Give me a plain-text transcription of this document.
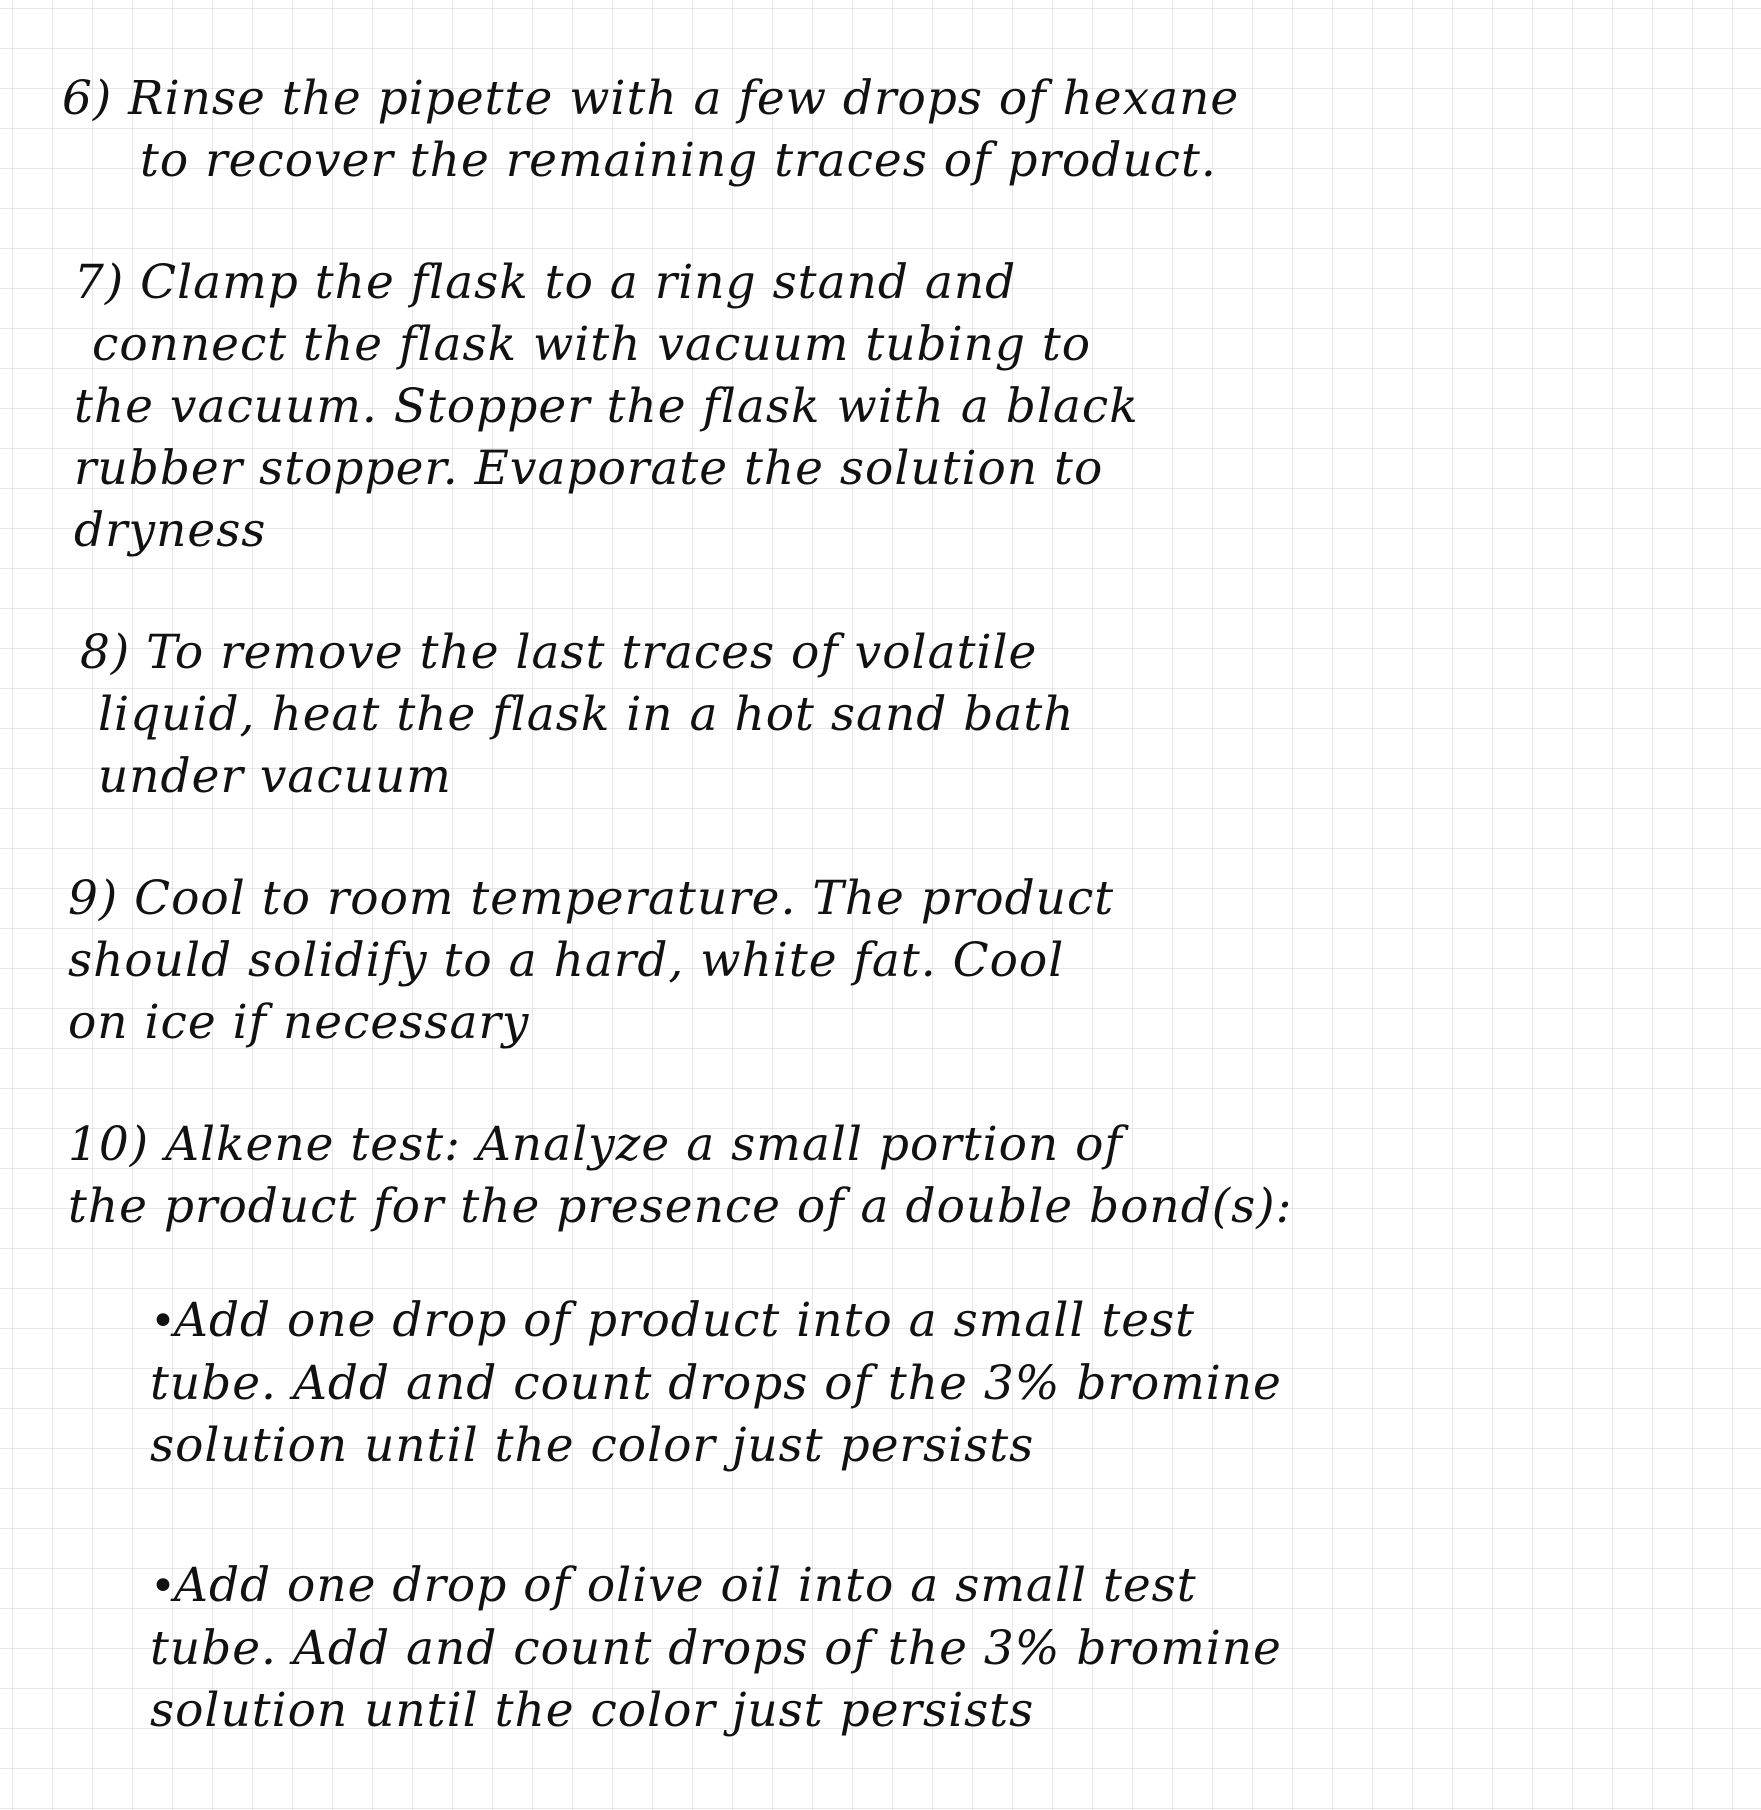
6) Rinse the pipette with a few drops of hexane
to recover the remaining traces of product.
7) Clamp the flask to a ring stand and
connect the flask with vacuum tubing to
the vacuum. Stopper the flask with a black
rubber stopper. Evaporate the solution to
dryness
8) To remove the last traces of volatile
liquid, heat the flask in a hot sand bath
under vacuum
9) Cool to room temperature. The product
should solidify to a hard, white fat. Cool
on ice if necessary
10) Alkene test: Analyze a small portion of
the product for the presence of a double bond(s):
•Add one drop of product into a small test
tube. Add and count drops of the 3% bromine
solution until the color just persists
•Add one drop of olive oil into a small test
tube. Add and count drops of the 3% bromine
solution until the color just persists
